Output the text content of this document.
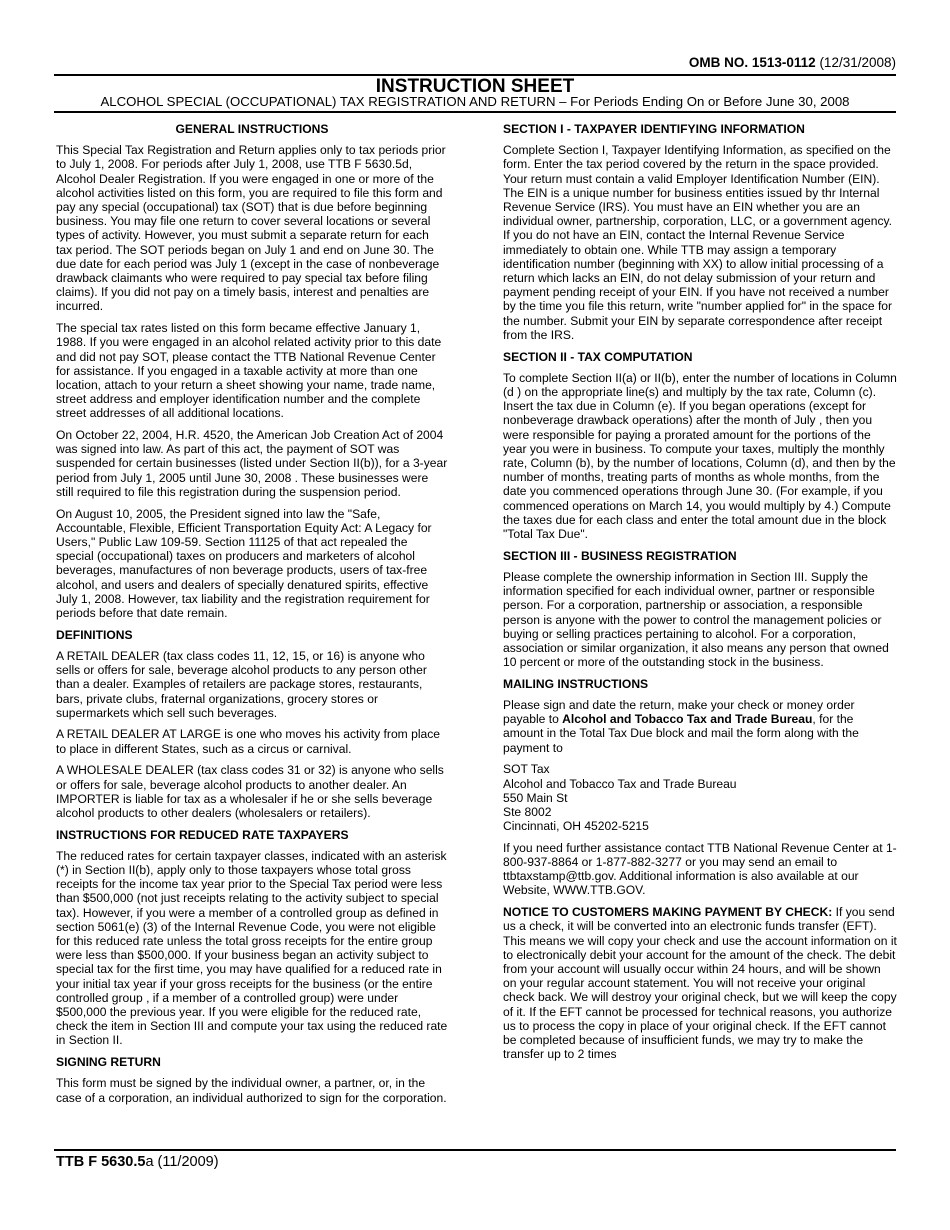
OMB NO. 1513-0112 (12/31/2008)
INSTRUCTION SHEET
ALCOHOL SPECIAL (OCCUPATIONAL) TAX REGISTRATION AND RETURN – For Periods Ending On or Before June 30, 2008
GENERAL INSTRUCTIONS

This Special Tax Registration and Return applies only to tax periods prior to July 1, 2008. For periods after July 1, 2008, use TTB F 5630.5d, Alcohol Dealer Registration. If you were engaged in one or more of the alcohol activities listed on this form, you are required to file this form and pay any special (occupational) tax (SOT) that is due before beginning business. You may file one return to cover several locations or several types of activity. However, you must submit a separate return for each tax period. The SOT periods began on July 1 and end on June 30. The due date for each period was July 1 (except in the case of nonbeverage drawback claimants who were required to pay special tax before filing claims). If you did not pay on a timely basis, interest and penalties are incurred.

The special tax rates listed on this form became effective January 1, 1988. If you were engaged in an alcohol related activity prior to this date and did not pay SOT, please contact the TTB National Revenue Center for assistance. If you engaged in a taxable activity at more than one location, attach to your return a sheet showing your name, trade name, street address and employer identification number and the complete street addresses of all additional locations.

On October 22, 2004, H.R. 4520, the American Job Creation Act of 2004 was signed into law. As part of this act, the payment of SOT was suspended for certain businesses (listed under Section II(b)), for a 3-year period from July 1, 2005 until June 30, 2008 . These businesses were still required to file this registration during the suspension period.

On August 10, 2005, the President signed into law the "Safe, Accountable, Flexible, Efficient Transportation Equity Act: A Legacy for Users," Public Law 109-59. Section 11125 of that act repealed the special (occupational) taxes on producers and marketers of alcohol beverages, manufactures of non beverage products, users of tax-free alcohol, and users and dealers of specially denatured spirits, effective July 1, 2008. However, tax liability and the registration requirement for periods before that date remain.

DEFINITIONS

A RETAIL DEALER (tax class codes 11, 12, 15, or 16) is anyone who sells or offers for sale, beverage alcohol products to any person other than a dealer. Examples of retailers are package stores, restaurants, bars, private clubs, fraternal organizations, grocery stores or supermarkets which sell such beverages.

A RETAIL DEALER AT LARGE is one who moves his activity from place to place in different States, such as a circus or carnival.

A WHOLESALE DEALER (tax class codes 31 or 32) is anyone who sells or offers for sale, beverage alcohol products to another dealer. An IMPORTER is liable for tax as a wholesaler if he or she sells beverage alcohol products to other dealers (wholesalers or retailers).

INSTRUCTIONS FOR REDUCED RATE TAXPAYERS

The reduced rates for certain taxpayer classes, indicated with an asterisk (*) in Section II(b), apply only to those taxpayers whose total gross receipts for the income tax year prior to the Special Tax period were less than $500,000 (not just receipts relating to the activity subject to special tax). However, if you were a member of a controlled group as defined in section 5061(e) (3) of the Internal Revenue Code, you were not eligible for this reduced rate unless the total gross receipts for the entire group were less than $500,000. If your business began an activity subject to special tax for the first time, you may have qualified for a reduced rate in your initial tax year if your gross receipts for the business (or the entire controlled group , if a member of a controlled group) were under $500,000 the previous year. If you were eligible for the reduced rate, check the item in Section III and compute your tax using the reduced rate in Section II.

SIGNING RETURN

This form must be signed by the individual owner, a partner, or, in the case of a corporation, an individual authorized to sign for the corporation.

SECTION I - TAXPAYER IDENTIFYING INFORMATION

Complete Section I, Taxpayer Identifying Information, as specified on the form. Enter the tax period covered by the return in the space provided. Your return must contain a valid Employer Identification Number (EIN). The EIN is a unique number for business entities issued by thr Internal Revenue Service (IRS). You must have an EIN whether you are an individual owner, partnership, corporation, LLC, or a government agency. If you do not have an EIN, contact the Internal Revenue Service immediately to obtain one. While TTB may assign a temporary identification number (beginning with XX) to allow initial processing of a return which lacks an EIN, do not delay submission of your return and payment pending receipt of your EIN. If you have not received a number by the time you file this return, write "number applied for" in the space for the number. Submit your EIN by separate correspondence after receipt from the IRS.

SECTION II - TAX COMPUTATION

To complete Section II(a) or II(b), enter the number of locations in Column (d ) on the appropriate line(s) and multiply by the tax rate, Column (c). Insert the tax due in Column (e). If you began operations (except for nonbeverage drawback operations) after the month of July , then you were responsible for paying a prorated amount for the portions of the year you were in business. To compute your taxes, multiply the monthly rate, Column (b), by the number of locations, Column (d), and then by the number of months, treating parts of months as whole months, from the date you commenced operations through June 30. (For example, if you commenced operations on March 14, you would multiply by 4.) Compute the taxes due for each class and enter the total amount due in the block "Total Tax Due".

SECTION III - BUSINESS REGISTRATION

Please complete the ownership information in Section III. Supply the information specified for each individual owner, partner or responsible person. For a corporation, partnership or association, a responsible person is anyone with the power to control the management policies or buying or selling practices pertaining to alcohol. For a corporation, association or similar organization, it also means any person that owned 10 percent or more of the outstanding stock in the business.

MAILING INSTRUCTIONS

Please sign and date the return, make your check or money order payable to Alcohol and Tobacco Tax and Trade Bureau, for the amount in the Total Tax Due block and mail the form along with the payment to

SOT Tax
Alcohol and Tobacco Tax and Trade Bureau
550 Main St
Ste 8002
Cincinnati, OH 45202-5215

If you need further assistance contact TTB National Revenue Center at 1-800-937-8864 or 1-877-882-3277 or you may send an email to ttbtaxstamp@ttb.gov. Additional information is also available at our Website, WWW.TTB.GOV.

NOTICE TO CUSTOMERS MAKING PAYMENT BY CHECK: If you send us a check, it will be converted into an electronic funds transfer (EFT). This means we will copy your check and use the account information on it to electronically debit your account for the amount of the check. The debit from your account will usually occur within 24 hours, and will be shown on your regular account statement. You will not receive your original check back. We will destroy your original check, but we will keep the copy of it. If the EFT cannot be processed for technical reasons, you authorize us to process the copy in place of your original check. If the EFT cannot be completed because of insufficient funds, we may try to make the transfer up to 2 times

TTB F 5630.5a (11/2009)
